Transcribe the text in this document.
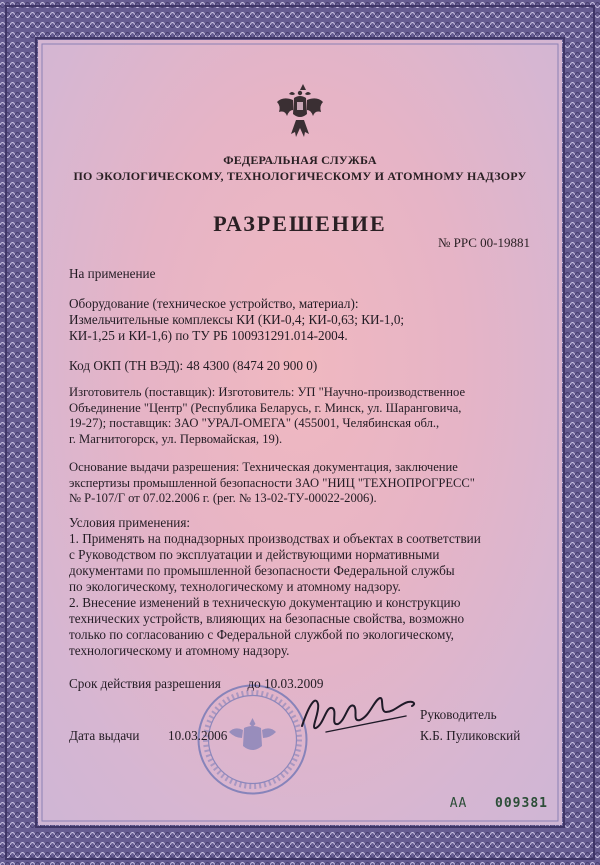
ФЕДЕРАЛЬНАЯ СЛУЖБА
ПО ЭКОЛОГИЧЕСКОМУ, ТЕХНОЛОГИЧЕСКОМУ И АТОМНОМУ НАДЗОРУ
РАЗРЕШЕНИЕ
№ РРС 00-19881
На применение
Оборудование (техническое устройство, материал):
Измельчительные комплексы КИ (КИ-0,4; КИ-0,63; КИ-1,0;
КИ-1,25 и КИ-1,6) по ТУ РБ 100931291.014-2004.
Код ОКП (ТН ВЭД): 48 4300 (8474 20 900 0)
Изготовитель (поставщик): Изготовитель: УП "Научно-производственное
Объединение "Центр" (Республика Беларусь, г. Минск, ул. Шаранговича,
19-27); поставщик: ЗАО "УРАЛ-ОМЕГА" (455001, Челябинская обл.,
г. Магнитогорск, ул. Первомайская, 19).
Основание выдачи разрешения: Техническая документация, заключение
экспертизы промышленной безопасности ЗАО "НИЦ "ТЕХНОПРОГРЕСС"
№ Р-107/Г от 07.02.2006 г. (рег. № 13-02-ТУ-00022-2006).
Условия применения:
1. Применять на поднадзорных производствах и объектах в соответствии
с Руководством по эксплуатации и действующими нормативными
документами по промышленной безопасности Федеральной службы
по экологическому, технологическому и атомному надзору.
2. Внесение изменений в техническую документацию и конструкцию
технических устройств, влияющих на безопасные свойства, возможно
только по согласованию с Федеральной службой по экологическому,
технологическому и атомному надзору.
Срок действия разрешения до 10.03.2009
Руководитель
Дата выдачи 10.03.2006	К.Б. Пуликовский
АА 009381
